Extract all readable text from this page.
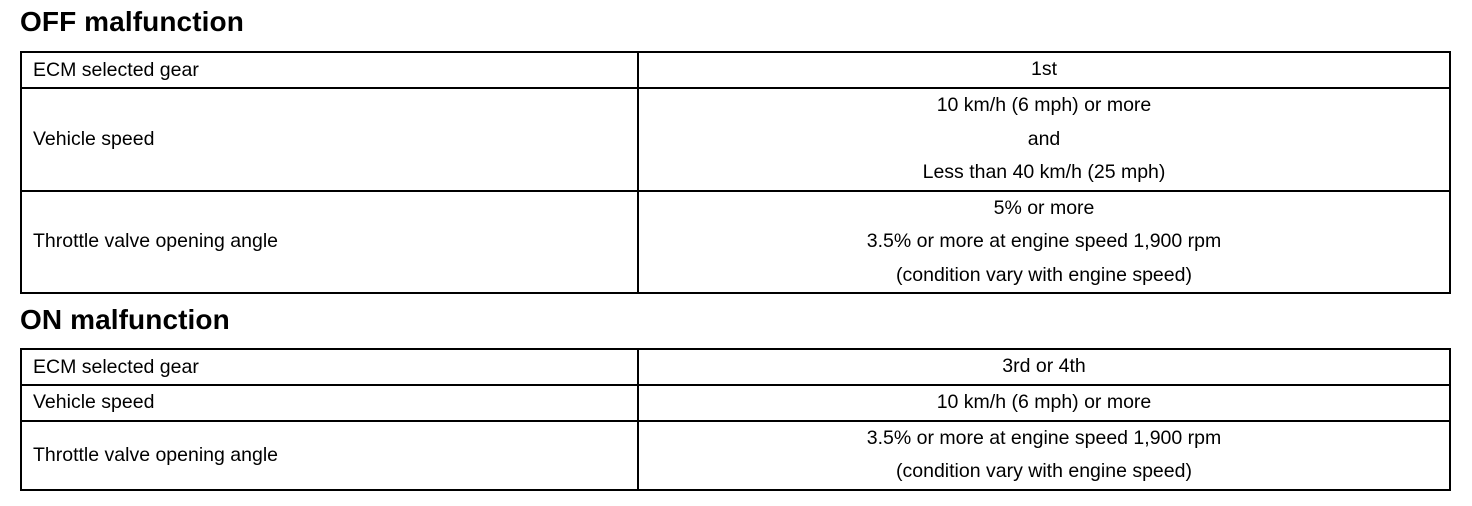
OFF malfunction
ECM selected gear	1st

Vehicle speed	10 km/h (6 mph) or more
and
Less than 40 km/h (25 mph)

Throttle valve opening angle	5% or more
3.5% or more at engine speed 1,900 rpm
(condition vary with engine speed)
ON malfunction
ECM selected gear	3rd or 4th

Vehicle speed	10 km/h (6 mph) or more

Throttle valve opening angle	3.5% or more at engine speed 1,900 rpm
(condition vary with engine speed)
